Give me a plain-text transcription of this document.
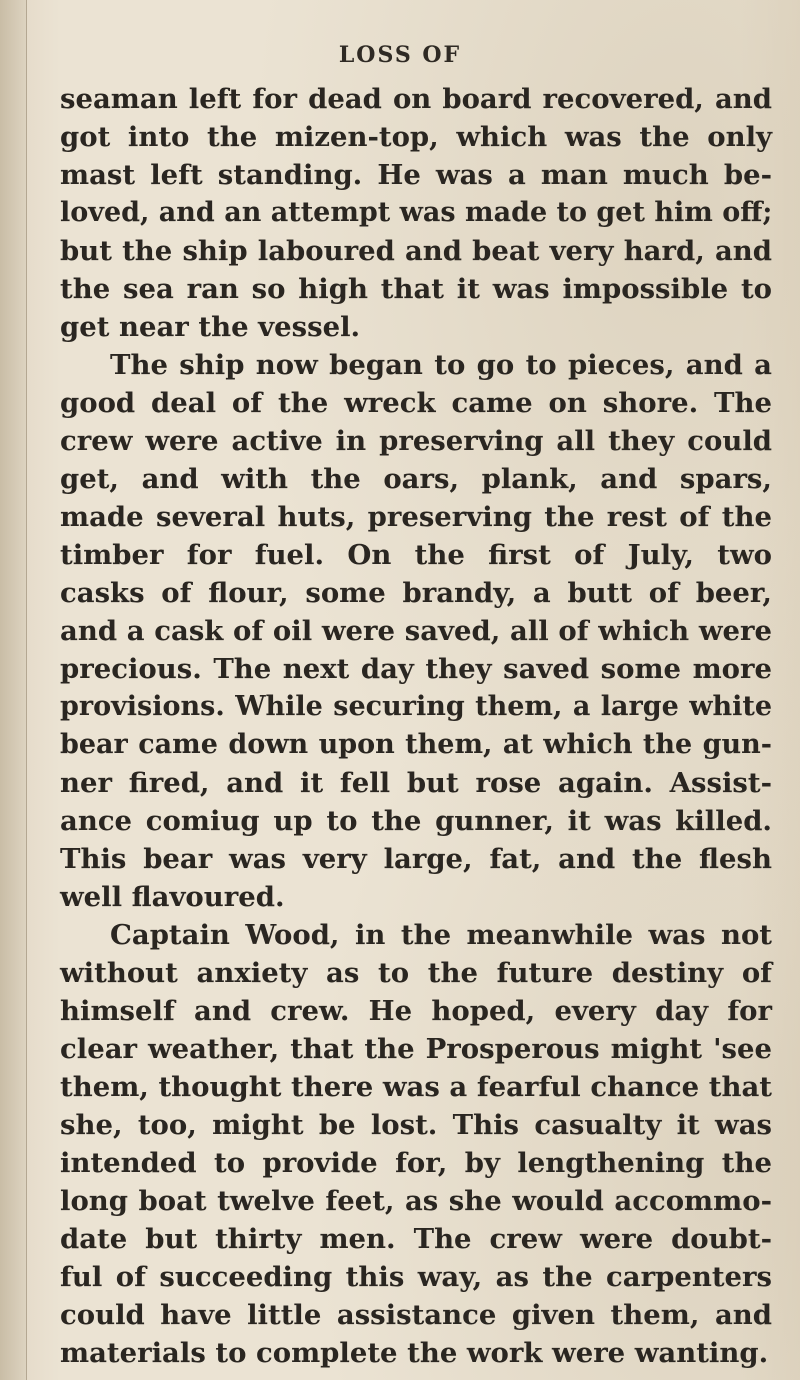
LOSS OF
seaman left for dead on board recovered, and
got into the mizen-top, which was the only
mast left standing. He was a man much be-
loved, and an attempt was made to get him off;
but the ship laboured and beat very hard, and
the sea ran so high that it was impossible to
get near the vessel.
The ship now began to go to pieces, and a
good deal of the wreck came on shore. The
crew were active in preserving all they could
get, and with the oars, plank, and spars,
made several huts, preserving the rest of the
timber for fuel. On the first of July, two
casks of flour, some brandy, a butt of beer,
and a cask of oil were saved, all of which were
precious. The next day they saved some more
provisions. While securing them, a large white
bear came down upon them, at which the gun-
ner fired, and it fell but rose again. Assist-
ance comiug up to the gunner, it was killed.
This bear was very large, fat, and the flesh
well flavoured.
Captain Wood, in the meanwhile was not
without anxiety as to the future destiny of
himself and crew. He hoped, every day for
clear weather, that the Prosperous might 'see
them, thought there was a fearful chance that
she, too, might be lost. This casualty it was
intended to provide for, by lengthening the
long boat twelve feet, as she would accommo-
date but thirty men. The crew were doubt-
ful of succeeding this way, as the carpenters
could have little assistance given them, and
materials to complete the work were wanting.
